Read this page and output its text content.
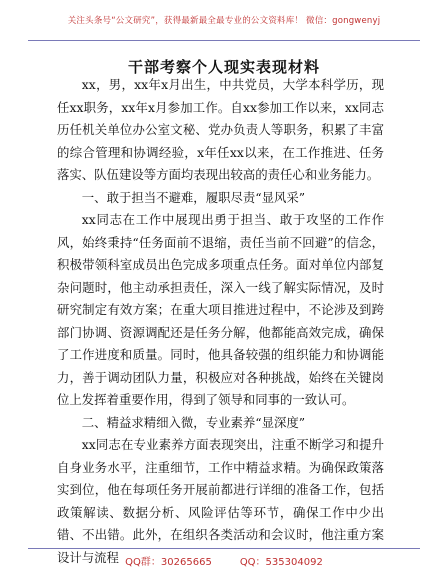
关注头条号“公文研究”，获得最新最全最专业的公文资料库！ 微信：gongwenyj
干部考察个人现实表现材料

xx，男，xx年x月出生，中共党员，大学本科学历，现任xx职务，xx年x月参加工作。自xx参加工作以来，xx同志历任机关单位办公室文秘、党办负责人等职务，积累了丰富的综合管理和协调经验，x年任xx以来，在工作推进、任务落实、队伍建设等方面均表现出较高的责任心和业务能力。

一、敢于担当不避难，履职尽责“显风采”

xx同志在工作中展现出勇于担当、敢于攻坚的工作作风，始终秉持“任务面前不退缩，责任当前不回避”的信念，积极带领科室成员出色完成多项重点任务。面对单位内部复杂问题时，他主动承担责任，深入一线了解实际情况，及时研究制定有效方案；在重大项目推进过程中，不论涉及到跨部门协调、资源调配还是任务分解，他都能高效完成，确保了工作进度和质量。同时，他具备较强的组织能力和协调能力，善于调动团队力量，积极应对各种挑战，始终在关键岗位上发挥着重要作用，得到了领导和同事的一致认可。

二、精益求精细入微，专业素养“显深度”

xx同志在专业素养方面表现突出，注重不断学习和提升自身业务水平，注重细节，工作中精益求精。为确保政策落实到位，他在每项任务开展前都进行详细的准备工作，包括政策解读、数据分析、风险评估等环节，确保工作中少出错、不出错。此外，在组织各类活动和会议时，他注重方案设计与流程 QQ群：30265665	QQ：535304092
